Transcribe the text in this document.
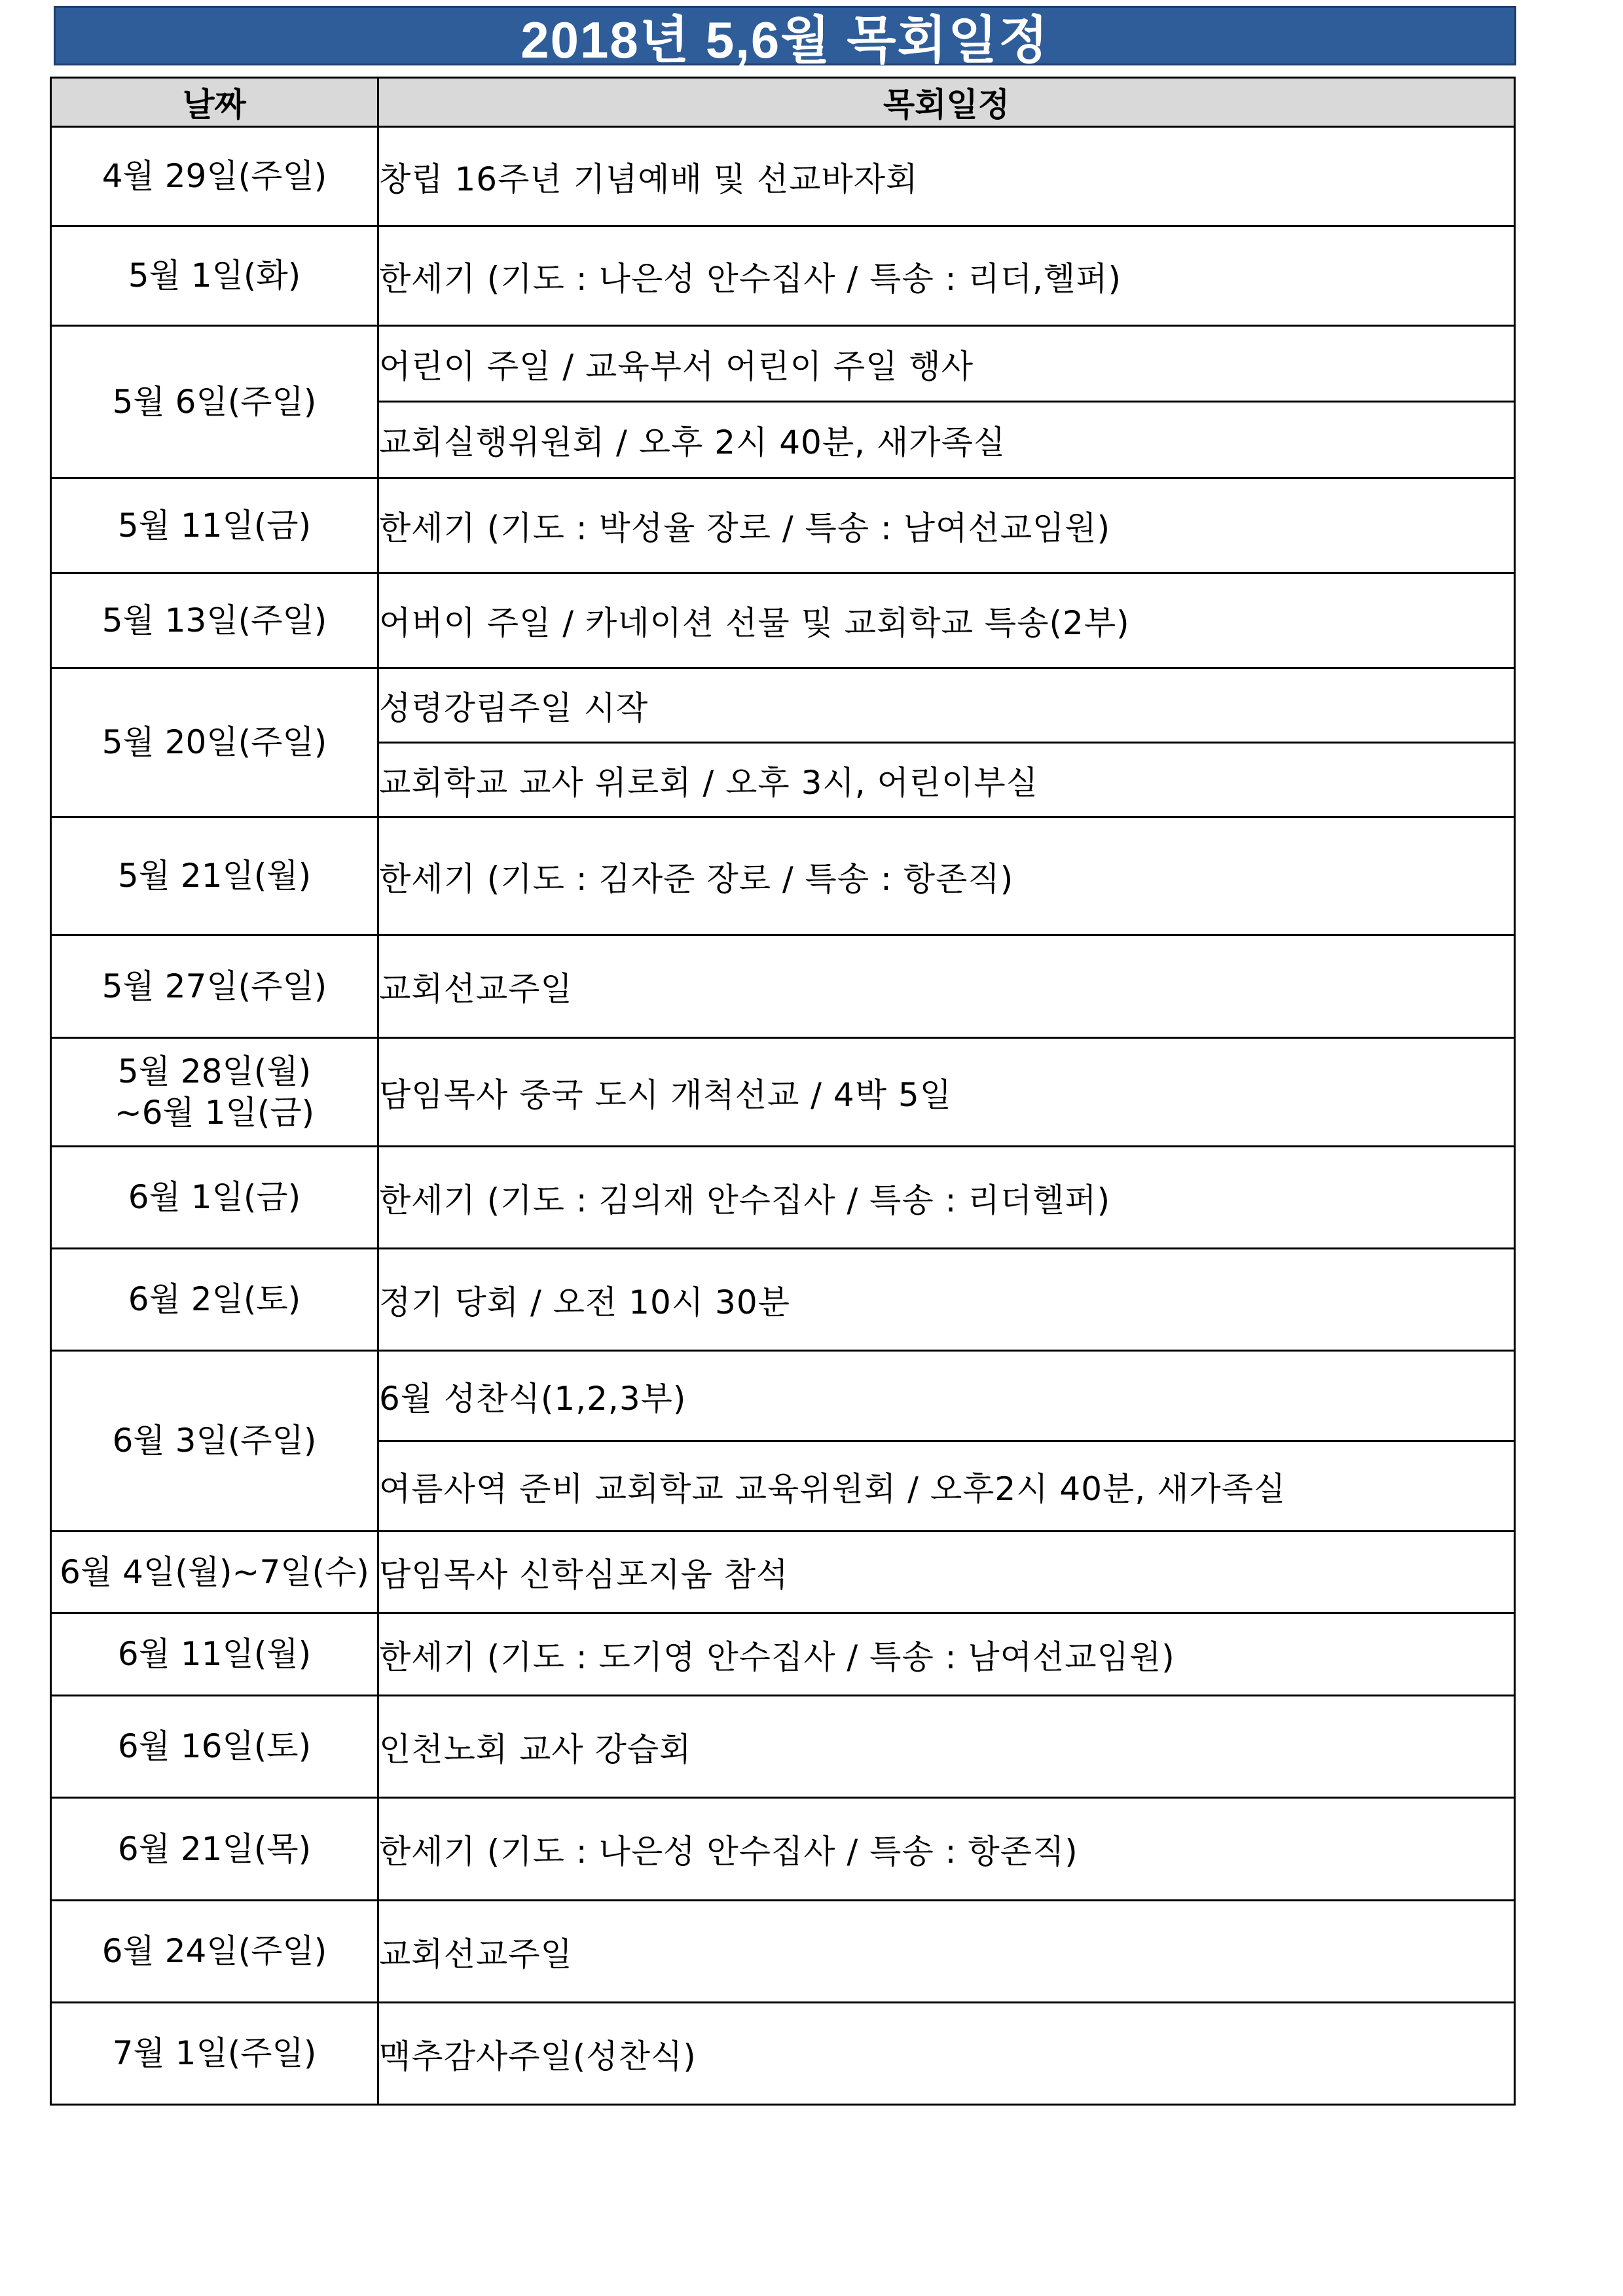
2018년 5,6월 목회일정
날짜	목회일정
4월 29일(주일)	창립 16주년 기념예배 및 선교바자회
5월 1일(화)	한세기 (기도 : 나은성 안수집사 / 특송 : 리더,헬퍼)
5월 6일(주일)	어린이 주일 / 교육부서 어린이 주일 행사
	교회실행위원회 / 오후 2시 40분, 새가족실
5월 11일(금)	한세기 (기도 : 박성율 장로 / 특송 : 남여선교임원)
5월 13일(주일)	어버이 주일 / 카네이션 선물 및 교회학교 특송(2부)
5월 20일(주일)	성령강림주일 시작
	교회학교 교사 위로회 / 오후 3시, 어린이부실
5월 21일(월)	한세기 (기도 : 김자준 장로 / 특송 : 항존직)
5월 27일(주일)	교회선교주일

5월 28일(월)
~6월 1일(금)	담임목사 중국 도시 개척선교 / 4박 5일
6월 1일(금)	한세기 (기도 : 김의재 안수집사 / 특송 : 리더헬퍼)
6월 2일(토)	정기 당회 / 오전 10시 30분
6월 3일(주일)	6월 성찬식(1,2,3부)
	여름사역 준비 교회학교 교육위원회 / 오후2시 40분, 새가족실
6월 4일(월)~7일(수)	담임목사 신학심포지움 참석
6월 11일(월)	한세기 (기도 : 도기영 안수집사 / 특송 : 남여선교임원)
6월 16일(토)	인천노회 교사 강습회
6월 21일(목)	한세기 (기도 : 나은성 안수집사 / 특송 : 항존직)
6월 24일(주일)	교회선교주일
7월 1일(주일)	맥추감사주일(성찬식)
